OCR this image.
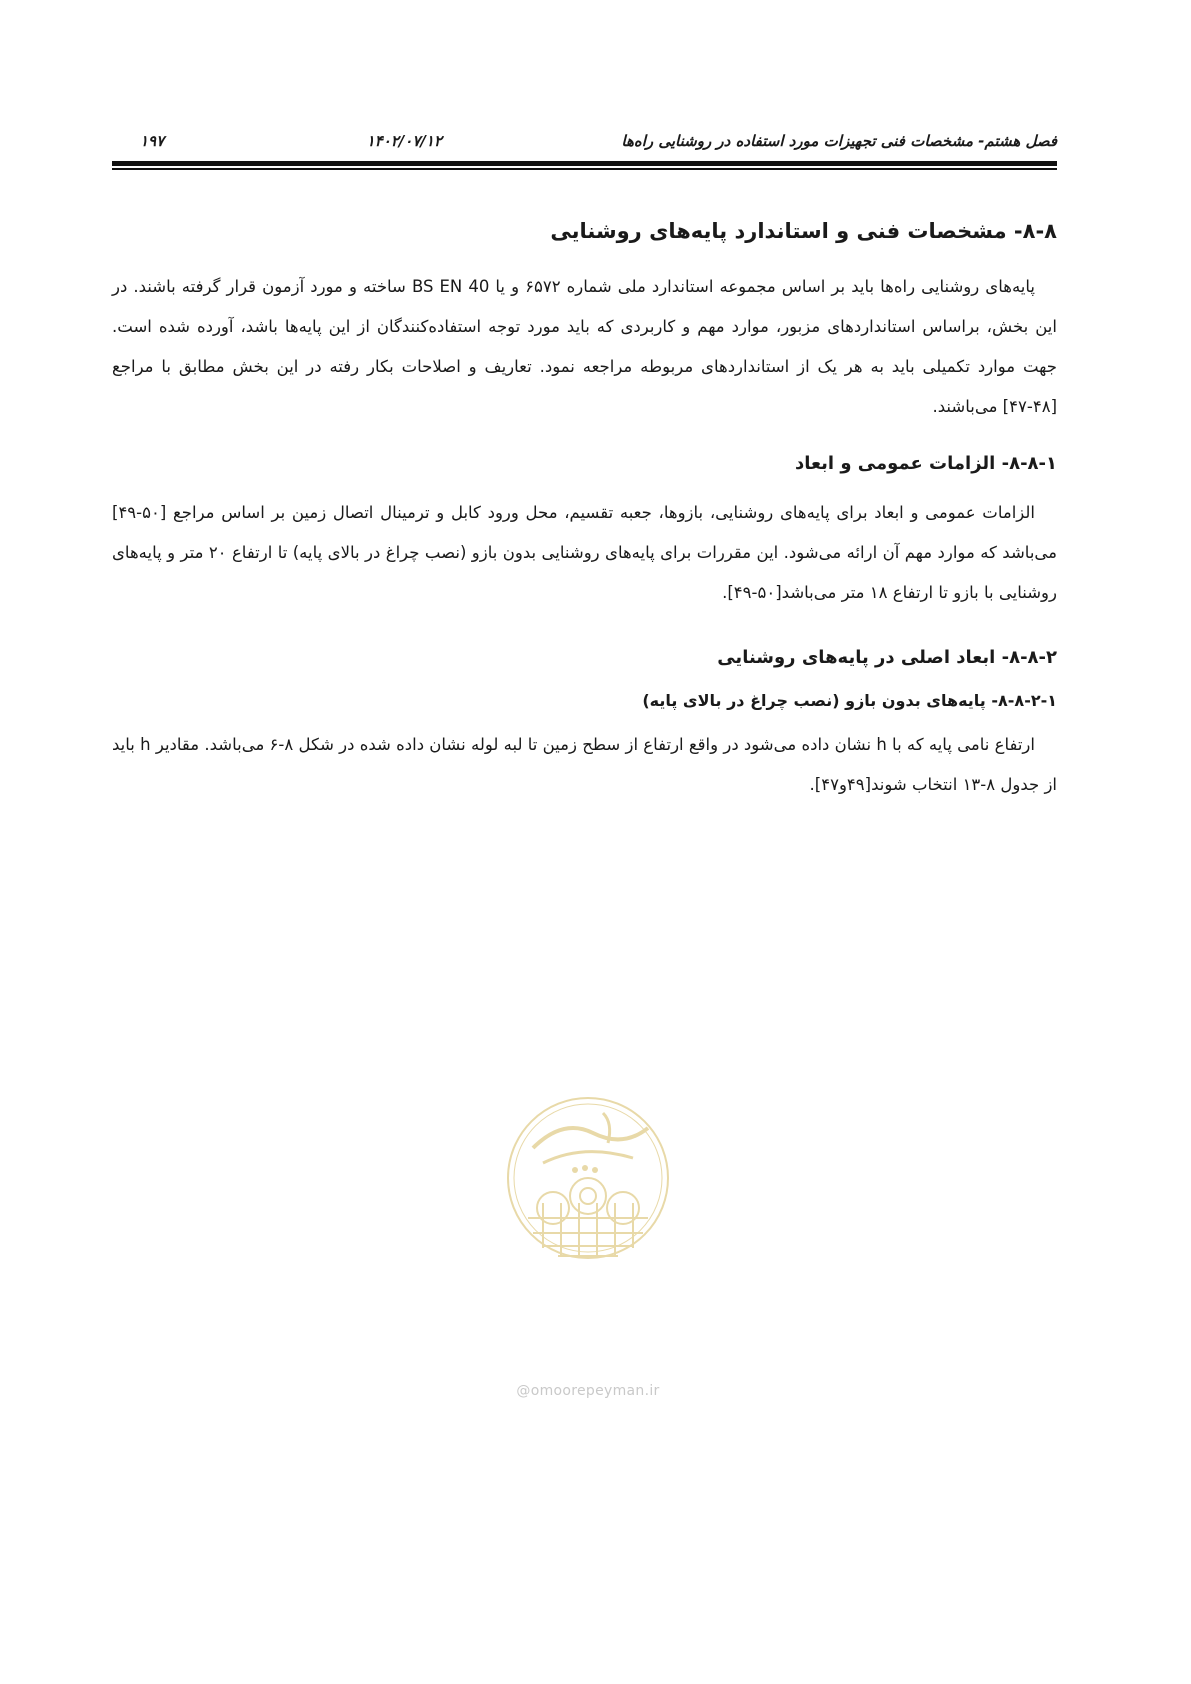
فصل هشتم- مشخصات فنی تجهیزات مورد استفاده در روشنایی راه‌ها
۱۴۰۲/۰۷/۱۲
۱۹۷
۸-۸- مشخصات فنی و استاندارد پایه‌های روشنایی

پایه‌های روشنایی راه‌ها باید بر اساس مجموعه استاندارد ملی شماره ۶۵۷۲ و یا BS EN 40 ساخته و مورد آزمون قرار گرفته باشند. در این بخش، براساس استانداردهای مزبور، موارد مهم و کاربردی که باید مورد توجه استفاده‌کنندگان از این پایه‌ها باشد، آورده شده است. جهت موارد تکمیلی باید به هر یک از استانداردهای مربوطه مراجعه نمود. تعاریف و اصلاحات بکار رفته در این بخش مطابق با مراجع [۴۸-۴۷] می‌باشند.

۸-۸-۱- الزامات عمومی و ابعاد

الزامات عمومی و ابعاد برای پایه‌های روشنایی، بازوها، جعبه تقسیم، محل ورود کابل و ترمینال اتصال زمین بر اساس مراجع [۵۰-۴۹] می‌باشد که موارد مهم آن ارائه می‌شود. این مقررات برای پایه‌های روشنایی بدون بازو (نصب چراغ در بالای پایه) تا ارتفاع ۲۰ متر و پایه‌های روشنایی با بازو تا ارتفاع ۱۸ متر می‌باشد[۵۰-۴۹].

۸-۸-۲- ابعاد اصلی در پایه‌های روشنایی
۸-۸-۲-۱- پایه‌های بدون بازو (نصب چراغ در بالای پایه)

ارتفاع نامی پایه که با h نشان داده می‌شود در واقع ارتفاع از سطح زمین تا لبه لوله نشان داده شده در شکل ۸-۶ می‌باشد. مقادیر h باید از جدول ۸-۱۳ انتخاب شوند[۴۹و۴۷].

@omoorepeyman.ir
